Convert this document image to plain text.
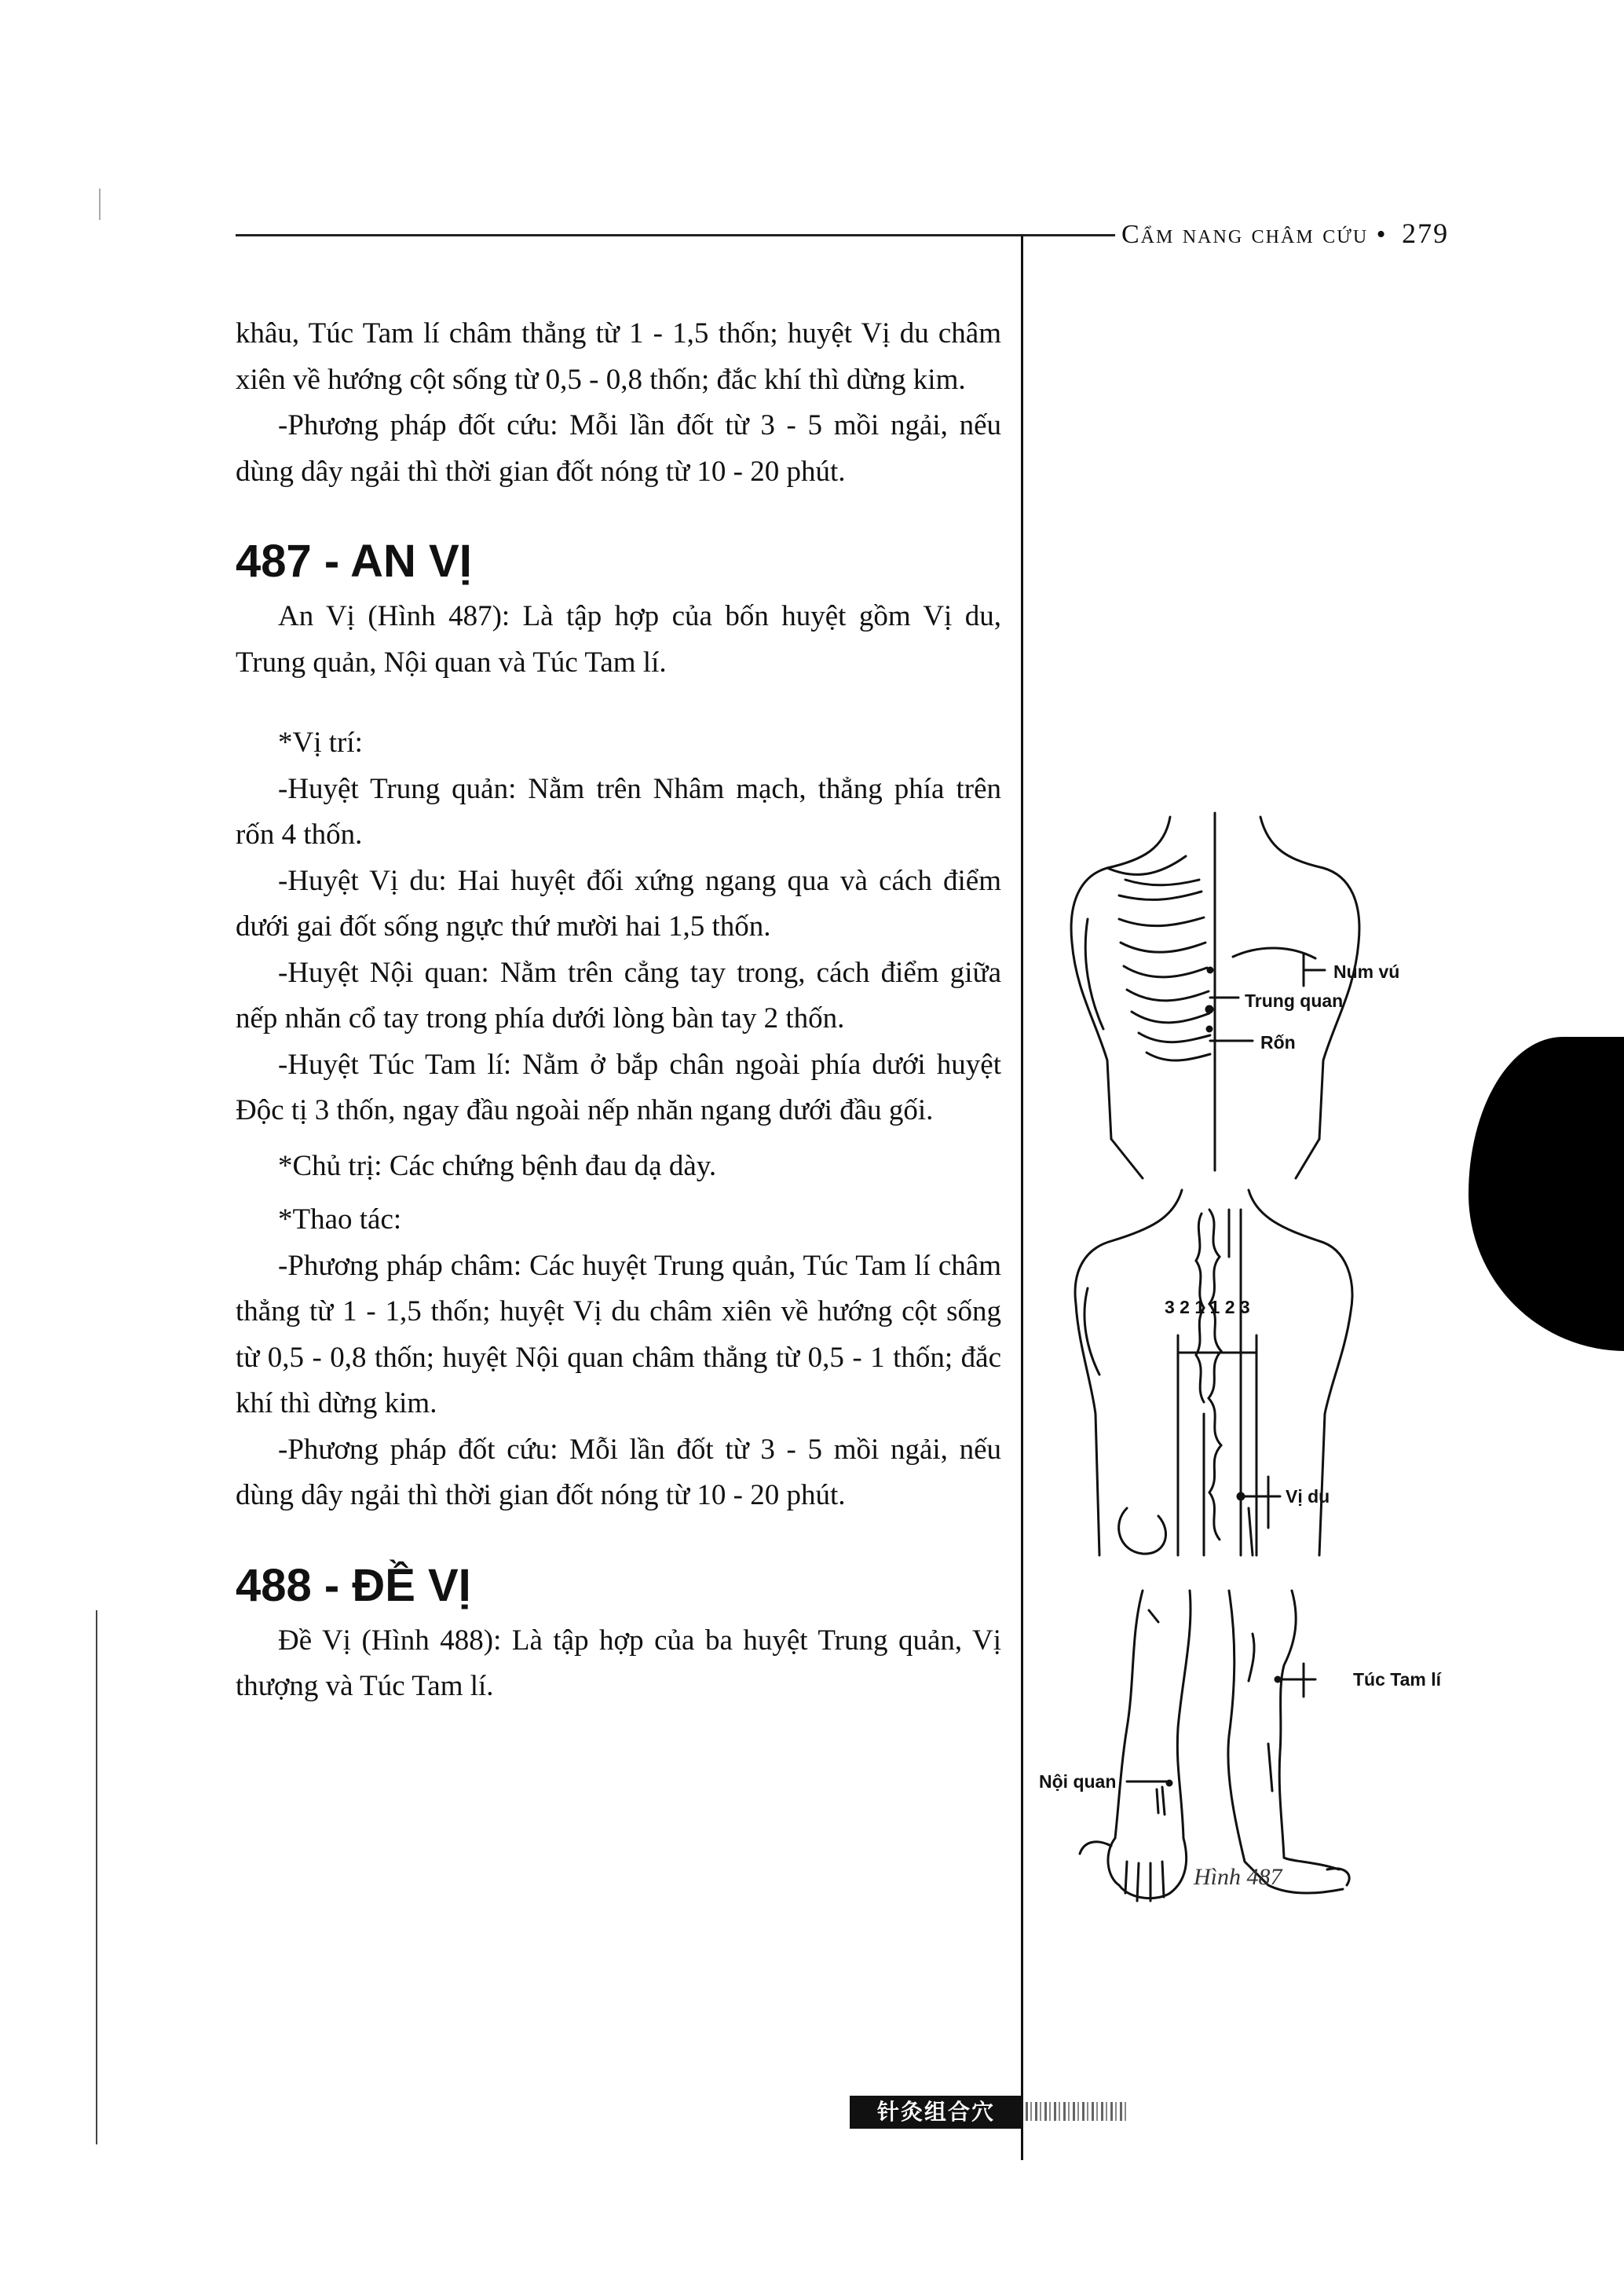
Cẩm nang châm cứu • 279

khâu, Túc Tam lí châm thẳng từ 1 - 1,5 thốn; huyệt Vị du châm xiên về hướng cột sống từ 0,5 - 0,8 thốn; đắc khí thì dừng kim.

-Phương pháp đốt cứu: Mỗi lần đốt từ 3 - 5 mồi ngải, nếu dùng dây ngải thì thời gian đốt nóng từ 10 - 20 phút.

487 - AN VỊ

An Vị (Hình 487): Là tập hợp của bốn huyệt gồm Vị du, Trung quản, Nội quan và Túc Tam lí.

*Vị trí:

-Huyệt Trung quản: Nằm trên Nhâm mạch, thẳng phía trên rốn 4 thốn.

-Huyệt Vị du: Hai huyệt đối xứng ngang qua và cách điểm dưới gai đốt sống ngực thứ mười hai 1,5 thốn.

-Huyệt Nội quan: Nằm trên cẳng tay trong, cách điểm giữa nếp nhăn cổ tay trong phía dưới lòng bàn tay 2 thốn.

-Huyệt Túc Tam lí: Nằm ở bắp chân ngoài phía dưới huyệt Độc tị 3 thốn, ngay đầu ngoài nếp nhăn ngang dưới đầu gối.

*Chủ trị: Các chứng bệnh đau dạ dày.

*Thao tác:

-Phương pháp châm: Các huyệt Trung quản, Túc Tam lí châm thẳng từ 1 - 1,5 thốn; huyệt Vị du châm xiên về hướng cột sống từ 0,5 - 0,8 thốn; huyệt Nội quan châm thẳng từ 0,5 - 1 thốn; đắc khí thì dừng kim.

-Phương pháp đốt cứu: Mỗi lần đốt từ 3 - 5 mồi ngải, nếu dùng dây ngải thì thời gian đốt nóng từ 10 - 20 phút.

488 - ĐỀ VỊ

Đề Vị (Hình 488): Là tập hợp của ba huyệt Trung quản, Vị thượng và Túc Tam lí.

Num vú
Trung quan
Rốn
3 2 1 1 2 3
Vị du
Túc Tam lí
Nội quan
Hình 487
针灸组合穴
